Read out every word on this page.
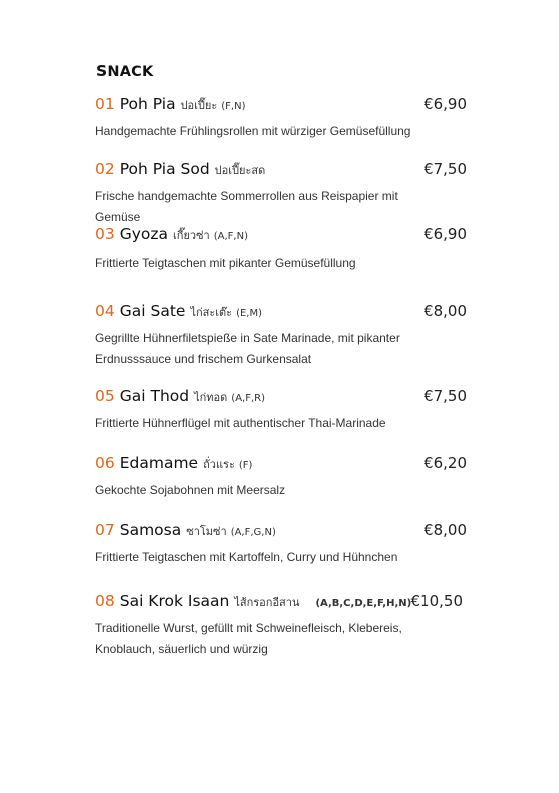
SNACK
01 Poh Pia ปอเปี๊ยะ (F,N)	€6,90
Handgemachte Frühlingsrollen mit würziger Gemüsefüllung
02 Poh Pia Sod ปอเปี๊ยะสด	€7,50
Frische handgemachte Sommerrollen aus Reispapier mit Gemüse
03 Gyoza เกี๊ยวซ่า (A,F,N)	€6,90
Frittierte Teigtaschen mit pikanter Gemüsefüllung
04 Gai Sate ไก่สะเต๊ะ (E,M)	€8,00
Gegrillte Hühnerfiletspieße in Sate Marinade, mit pikanter Erdnusssauce und frischem Gurkensalat
05 Gai Thod ไก่ทอด (A,F,R)	€7,50
Frittierte Hühnerflügel mit authentischer Thai-Marinade
06 Edamame ถั่วแระ (F)	€6,20
Gekochte Sojabohnen mit Meersalz
07 Samosa ซาโมซ่า (A,F,G,N)	€8,00
Frittierte Teigtaschen mit Kartoffeln, Curry und Hühnchen
08 Sai Krok Isaan ไส้กรอกอีสาน (A,B,C,D,E,F,H,N) €10,50
Traditionelle Wurst, gefüllt mit Schweinefleisch, Klebereis, Knoblauch, säuerlich und würzig
